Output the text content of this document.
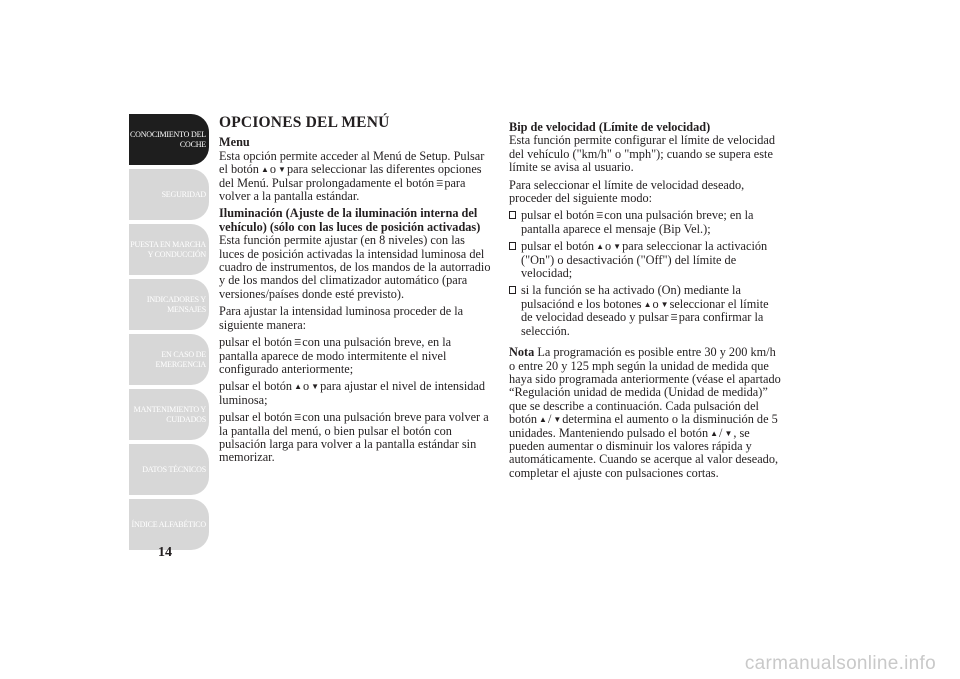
CONOCIMIENTO DEL COCHE
SEGURIDAD
PUESTA EN MARCHA Y CONDUCCIÓN
INDICADORES Y MENSAJES
EN CASO DE EMERGENCIA
MANTENIMIENTO Y CUIDADOS
DATOS TÉCNICOS
ÍNDICE ALFABÉTICO
14
OPCIONES DEL MENÚ

Menu

Esta opción permite acceder al Menú de Setup. Pulsar el botón ▲ o ▼ para seleccionar las diferentes opciones del Menú. Pulsar prolongadamente el botón ☰ para volver a la pantalla estándar.

Iluminación (Ajuste de la iluminación interna del vehículo) (sólo con las luces de posición activadas)

Esta función permite ajustar (en 8 niveles) con las luces de posición activadas la intensidad luminosa del cuadro de instrumentos, de los mandos de la autorradio y de los mandos del climatizador automático (para versiones/países donde esté previsto).

Para ajustar la intensidad luminosa proceder de la siguiente manera:

pulsar el botón ☰ con una pulsación breve, en la pantalla aparece de modo intermitente el nivel configurado anteriormente;

pulsar el botón ▲ o ▼ para ajustar el nivel de intensidad luminosa;

pulsar el botón ☰ con una pulsación breve para volver a la pantalla del menú, o bien pulsar el botón con pulsación larga para volver a la pantalla estándar sin memorizar.

Bip de velocidad (Límite de velocidad)

Esta función permite configurar el límite de velocidad del vehículo ("km/h" o "mph"); cuando se supera este límite se avisa al usuario.

Para seleccionar el límite de velocidad deseado, proceder del siguiente modo:

pulsar el botón ☰ con una pulsación breve; en la pantalla aparece el mensaje (Bip Vel.);
pulsar el botón ▲ o ▼ para seleccionar la activación ("On") o desactivación ("Off") del límite de velocidad;
si la función se ha activado (On) mediante la pulsaciónd e los botones ▲ o ▼ seleccionar el límite de velocidad deseado y pulsar ☰ para confirmar la selección.

Nota La programación es posible entre 30 y 200 km/h o entre 20 y 125 mph según la unidad de medida que haya sido programada anteriormente (véase el apartado “Regulación unidad de medida (Unidad de medida)” que se describe a continuación. Cada pulsación del botón ▲ / ▼ determina el aumento o la disminución de 5 unidades. Manteniendo pulsado el botón ▲ / ▼ , se pueden aumentar o disminuir los valores rápida y automáticamente. Cuando se acerque al valor deseado, completar el ajuste con pulsaciones cortas.

carmanualsonline.info
